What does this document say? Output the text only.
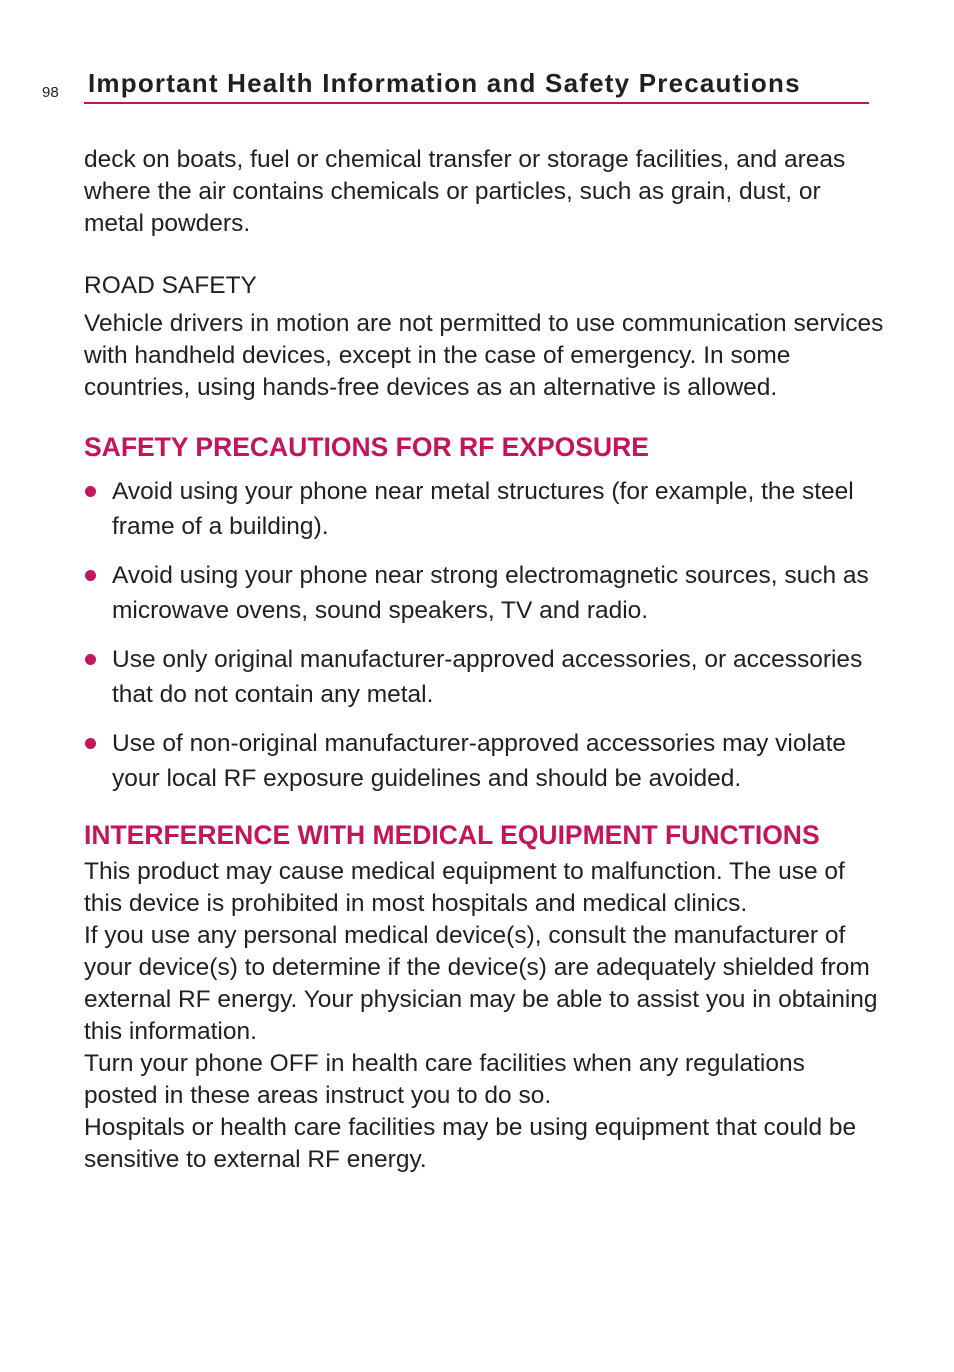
98 Important Health Information and Safety Precautions

deck on boats, fuel or chemical transfer or storage facilities, and areas where the air contains chemicals or particles, such as grain, dust, or metal powders.

ROAD SAFETY

Vehicle drivers in motion are not permitted to use communication services with handheld devices, except in the case of emergency. In some countries, using hands-free devices as an alternative is allowed.

SAFETY PRECAUTIONS FOR RF EXPOSURE
Avoid using your phone near metal structures (for example, the steel frame of a building).
Avoid using your phone near strong electromagnetic sources, such as microwave ovens, sound speakers, TV and radio.
Use only original manufacturer-approved accessories, or accessories that do not contain any metal.
Use of non-original manufacturer-approved accessories may violate your local RF exposure guidelines and should be avoided.
INTERFERENCE WITH MEDICAL EQUIPMENT FUNCTIONS

This product may cause medical equipment to malfunction. The use of this device is prohibited in most hospitals and medical clinics.
If you use any personal medical device(s), consult the manufacturer of your device(s) to determine if the device(s) are adequately shielded from external RF energy. Your physician may be able to assist you in obtaining this information.
Turn your phone OFF in health care facilities when any regulations posted in these areas instruct you to do so.
Hospitals or health care facilities may be using equipment that could be sensitive to external RF energy.
